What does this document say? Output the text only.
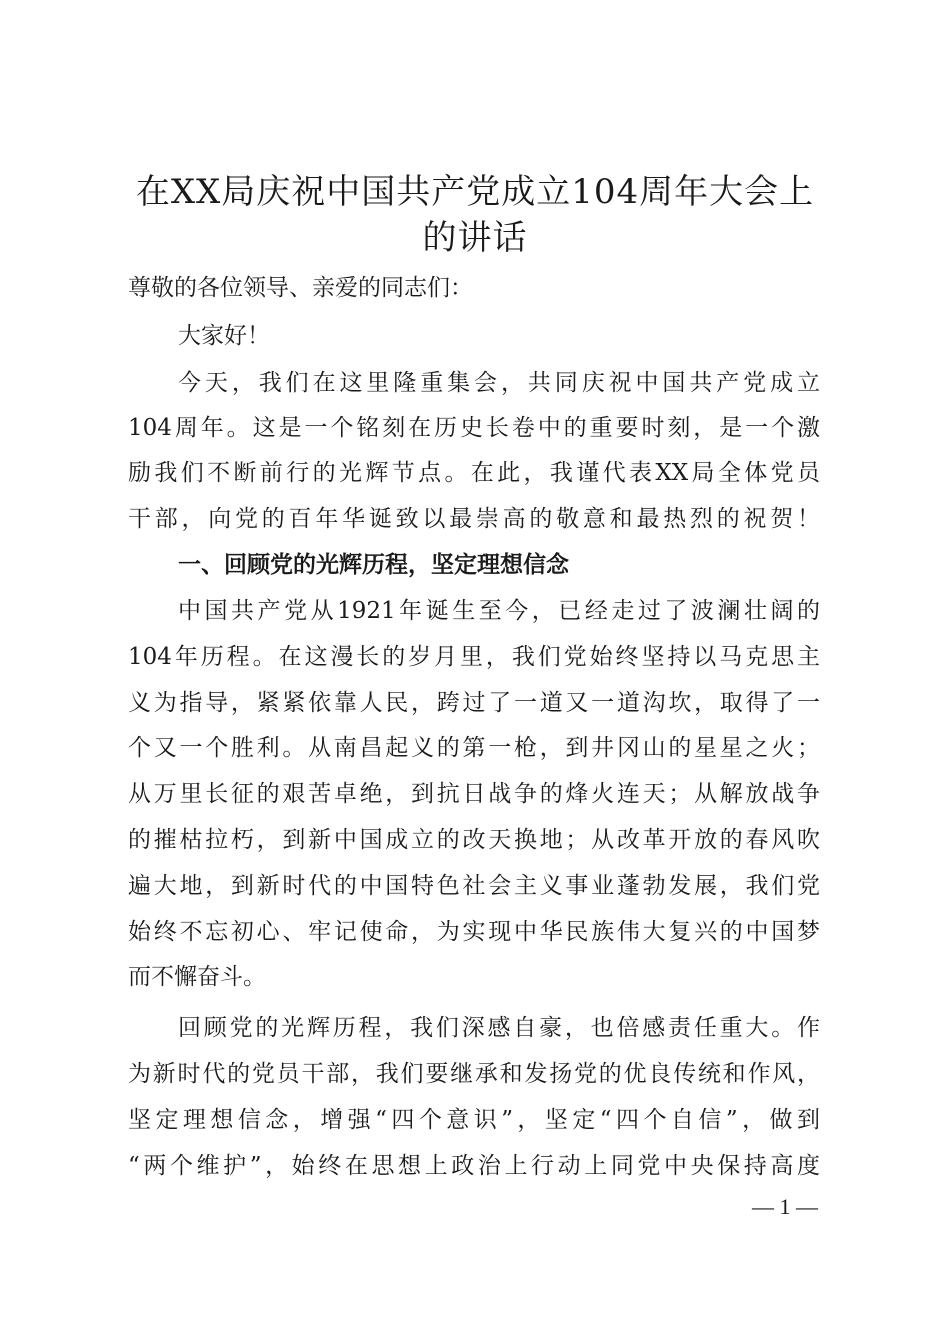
在XX局庆祝中国共产党成立104周年大会上
的讲话

尊敬的各位领导、亲爱的同志们：

大家好！

今天，我们在这里隆重集会，共同庆祝中国共产党成立

104周年。这是一个铭刻在历史长卷中的重要时刻，是一个激

励我们不断前行的光辉节点。在此，我谨代表XX局全体党员

干部，向党的百年华诞致以最崇高的敬意和最热烈的祝贺！

一、回顾党的光辉历程，坚定理想信念

中国共产党从1921年诞生至今，已经走过了波澜壮阔的

104年历程。在这漫长的岁月里，我们党始终坚持以马克思主

义为指导，紧紧依靠人民，跨过了一道又一道沟坎，取得了一

个又一个胜利。从南昌起义的第一枪，到井冈山的星星之火；

从万里长征的艰苦卓绝，到抗日战争的烽火连天；从解放战争

的摧枯拉朽，到新中国成立的改天换地；从改革开放的春风吹

遍大地，到新时代的中国特色社会主义事业蓬勃发展，我们党

始终不忘初心、牢记使命，为实现中华民族伟大复兴的中国梦

而不懈奋斗。

回顾党的光辉历程，我们深感自豪，也倍感责任重大。作

为新时代的党员干部，我们要继承和发扬党的优良传统和作风，

坚定理想信念，增强“四个意识”，坚定“四个自信”，做到

“两个维护”，始终在思想上政治上行动上同党中央保持高度

— 1 —
